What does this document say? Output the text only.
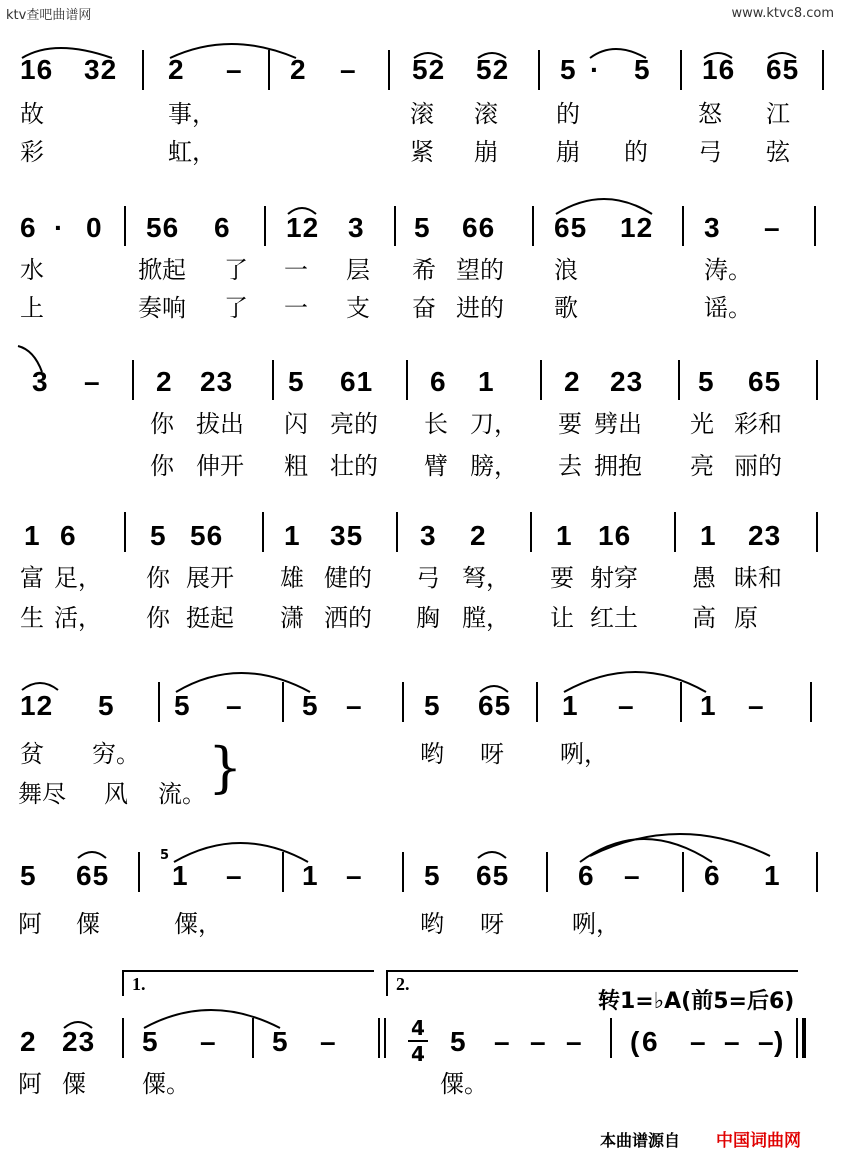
ktv查吧曲谱网	www.ktvc8.com
16 32 2 – 2 – 52 52 5 · 5 16 65
故	事，	滚 滚 的	怒 江
彩	虹，	紧 崩 崩 的 弓 弦
6 · 0 56 6 12 3 5 66 65 12 3 –
水	掀起 了 一 层 希 望的 浪	涛。
上	奏响 了 一 支 奋 进的 歌	谣。
3 – 2 23 5 61 6 1 2 23 5 65
你 拔出 闪 亮的 长 刀， 要 劈出 光 彩和
你 伸开 粗 壮的 臂 膀， 去 拥抱 亮 丽的
1 6	5 56 1 35 3 2 1 16 1 23
富 足， 你 展开 雄 健的 弓 弩， 要 射穿 愚 昧和
生 活， 你 挺起 潇 洒的 胸 膛， 让 红土 高 原
12 5 5 – 5 – 5 65 1 – 1 –
贫 穷。	哟 呀 咧，
}
舞尽 风 流。
5 65
5
1 – 1 – 5 65 6 – 6 1
阿 僳	僳，	哟 呀	咧，
1.	2.
转1=♭A(前5=后6)
2 23 5 – 5 –	4
4 5 – – – ( 6 – – – )
阿 僳 僳。	僳。
本曲谱源自 中国词曲网
